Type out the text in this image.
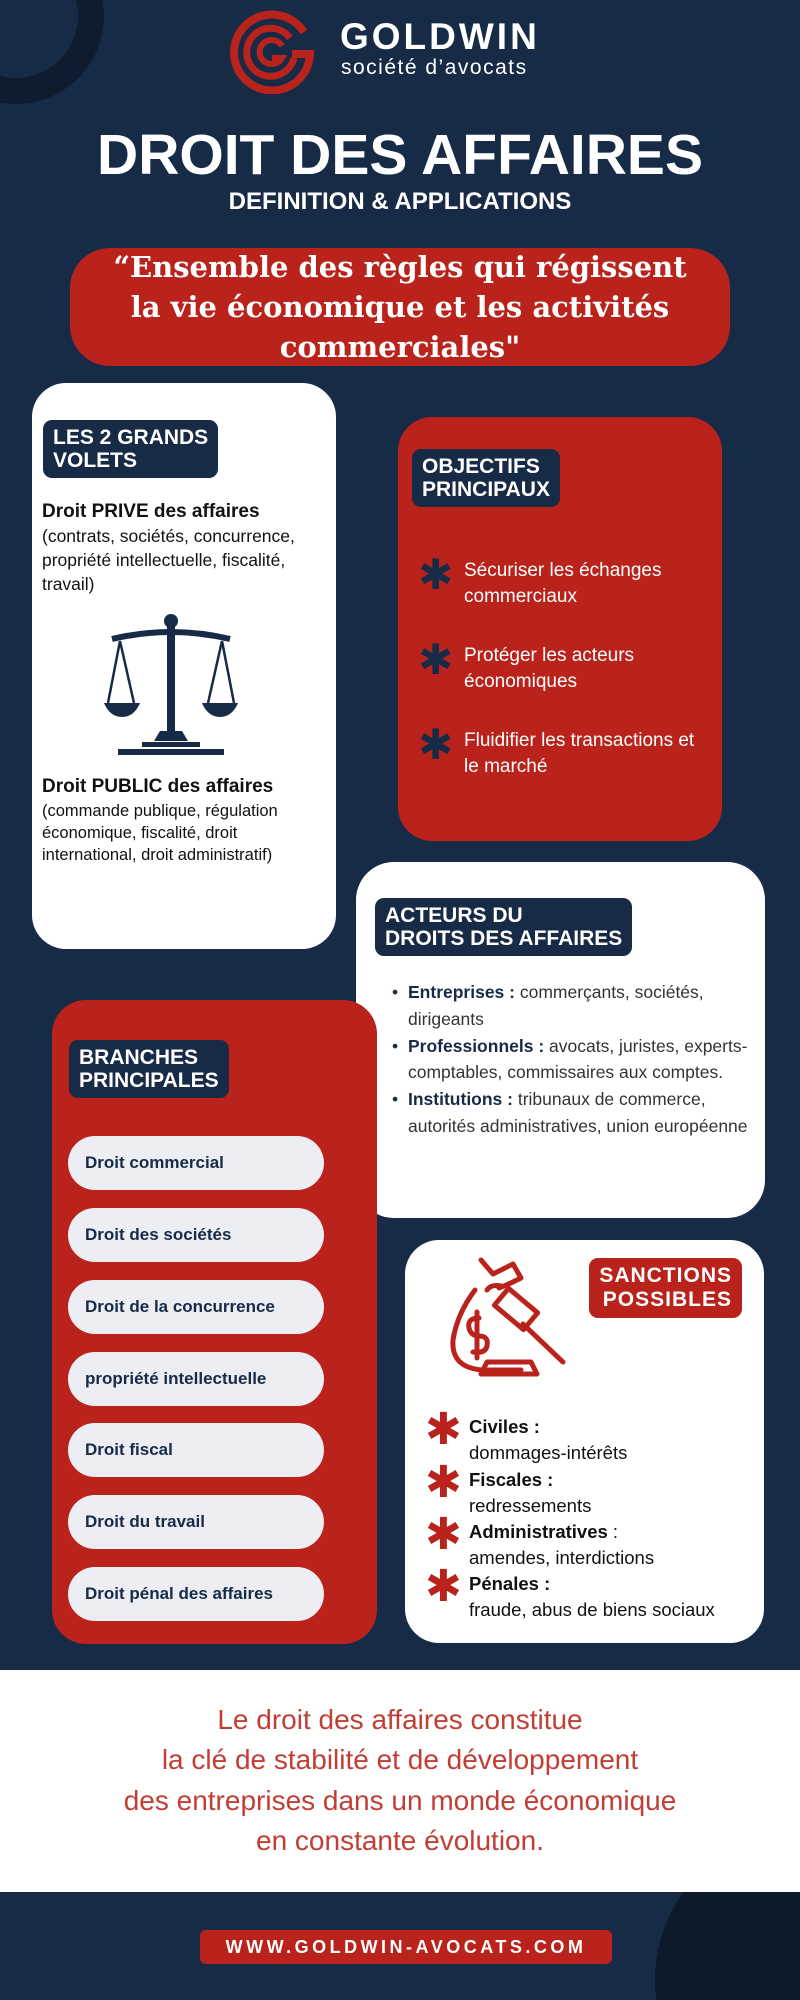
GOLDWIN
société d’avocats
DROIT DES AFFAIRES
DEFINITION & APPLICATIONS
“Ensemble des règles qui régissent la vie économique et les activités commerciales"
LES 2 GRANDS
VOLETS
Droit PRIVE des affaires
(contrats, sociétés, concurrence, propriété intellectuelle, fiscalité, travail)
Droit PUBLIC des affaires
(commande publique, régulation économique, fiscalité, droit international, droit administratif)
OBJECTIFS
PRINCIPAUX
✱ Sécuriser les échanges commerciaux
✱ Protéger les acteurs économiques
✱ Fluidifier les transactions et le marché
ACTEURS DU
DROITS DES AFFAIRES
• Entreprises : commerçants, sociétés, dirigeants
• Professionnels : avocats, juristes, experts-comptables, commissaires aux comptes.
• Institutions : tribunaux de commerce, autorités administratives, union européenne
BRANCHES
PRINCIPALES
Droit commercial
Droit des sociétés
Droit de la concurrence
propriété intellectuelle
Droit fiscal
Droit du travail
Droit pénal des affaires
SANCTIONS
POSSIBLES
✱ Civiles :
dommages-intérêts
✱ Fiscales :
redressements
✱ Administratives :
amendes, interdictions
✱ Pénales :
fraude, abus de biens sociaux
Le droit des affaires constitue
la clé de stabilité et de développement
des entreprises dans un monde économique
en constante évolution.
WWW.GOLDWIN-AVOCATS.COM
